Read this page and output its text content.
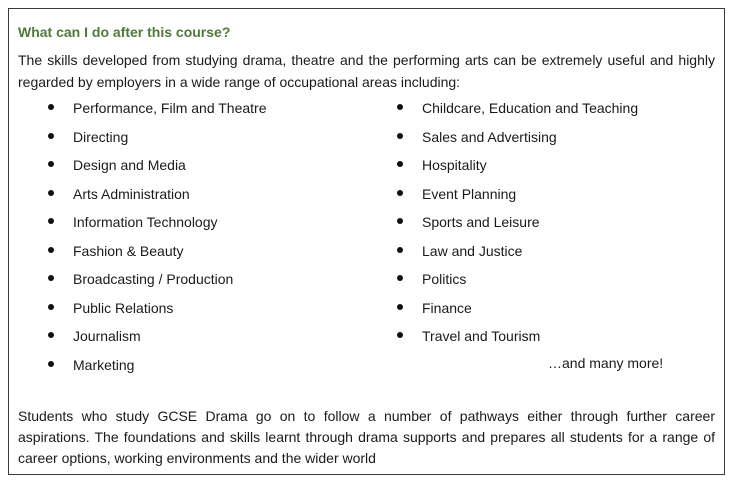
What can I do after this course?
The skills developed from studying drama, theatre and the performing arts can be extremely useful and highly regarded by employers in a wide range of occupational areas including:
Performance, Film and Theatre
Directing
Design and Media
Arts Administration
Information Technology
Fashion & Beauty
Broadcasting / Production
Public Relations
Journalism
Marketing
Childcare, Education and Teaching
Sales and Advertising
Hospitality
Event Planning
Sports and Leisure
Law and Justice
Politics
Finance
Travel and Tourism
…and many more!
Students who study GCSE Drama go on to follow a number of pathways either through further career aspirations. The foundations and skills learnt through drama supports and prepares all students for a range of career options, working environments and the wider world
